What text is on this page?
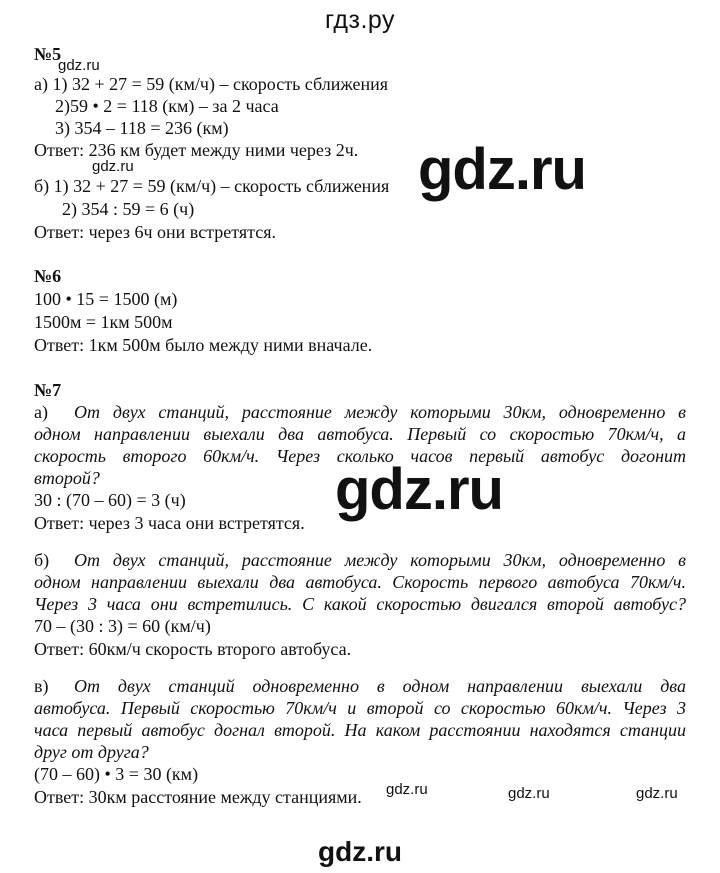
гдз.ру
№5
gdz.ru
а) 1) 32 + 27 = 59 (км/ч) – скорость сближения
2)59 • 2 = 118 (км) – за 2 часа
3) 354 – 118 = 236 (км)
Ответ: 236 км будет между ними через 2ч.
gdz.ru	gdz.ru
б) 1) 32 + 27 = 59 (км/ч) – скорость сближения
2) 354 : 59 = 6 (ч)
Ответ: через 6ч они встретятся.
№6
100 • 15 = 1500 (м)
1500м = 1км 500м
Ответ: 1км 500м было между ними вначале.
№7
а) От двух станций, расстояние между которыми 30км, одновременно в
одном направлении выехали два автобуса. Первый со скоростью 70км/ч, а
скорость второго 60км/ч. Через сколько часов первый автобус догонит
второй?
30 : (70 – 60) = 3 (ч)
Ответ: через 3 часа они встретятся.
gdz.ru
б) От двух станций, расстояние между которыми 30км, одновременно в
одном направлении выехали два автобуса. Скорость первого автобуса 70км/ч.
Через 3 часа они встретились. С какой скоростью двигался второй автобус?
70 – (30 : 3) = 60 (км/ч)
Ответ: 60км/ч скорость второго автобуса.
в) От двух станций одновременно в одном направлении выехали два
автобуса. Первый скоростью 70км/ч и второй со скоростью 60км/ч. Через 3
часа первый автобус догнал второй. На каком расстоянии находятся станции
друг от друга?
(70 – 60) • 3 = 30 (км)
Ответ: 30км расстояние между станциями. gdz.ru	gdz.ru	gdz.ru
gdz.ru
